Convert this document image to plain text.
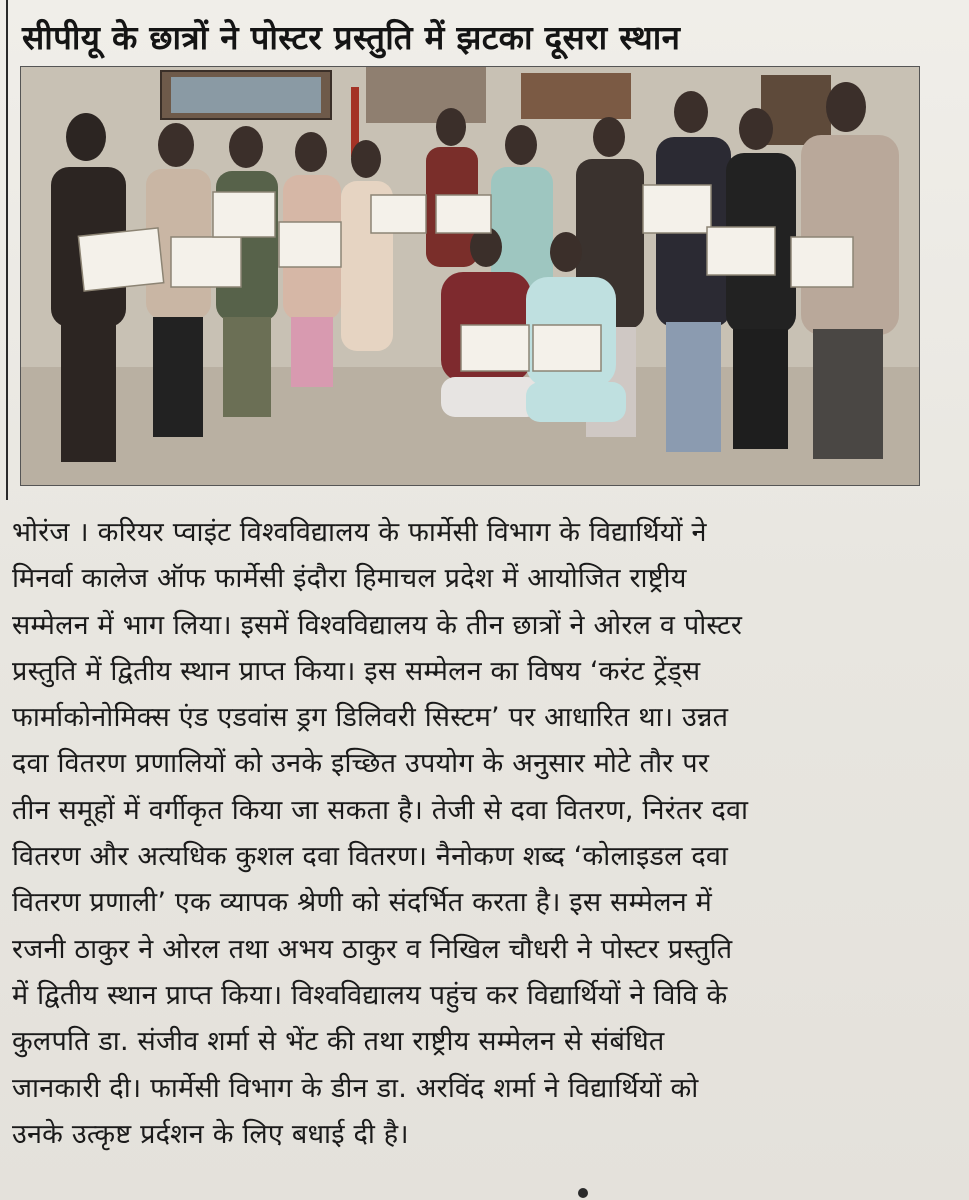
सीपीयू के छात्रों ने पोस्टर प्रस्तुति में झटका दूसरा स्थान

भोरंज । करियर प्वाइंट विश्वविद्यालय के फार्मेसी विभाग के विद्यार्थियों ने

मिनर्वा कालेज ऑफ फार्मेसी इंदौरा हिमाचल प्रदेश में आयोजित राष्ट्रीय

सम्मेलन में भाग लिया। इसमें विश्वविद्यालय के तीन छात्रों ने ओरल व पोस्टर

प्रस्तुति में द्वितीय स्थान प्राप्त किया। इस सम्मेलन का विषय ‘करंट ट्रेंड्स

फार्माकोनोमिक्स एंड एडवांस ड्रग डिलिवरी सिस्टम’ पर आधारित था। उन्नत

दवा वितरण प्रणालियों को उनके इच्छित उपयोग के अनुसार मोटे तौर पर

तीन समूहों में वर्गीकृत किया जा सकता है। तेजी से दवा वितरण, निरंतर दवा

वितरण और अत्यधिक कुशल दवा वितरण। नैनोकण शब्द ‘कोलाइडल दवा

वितरण प्रणाली’ एक व्यापक श्रेणी को संदर्भित करता है। इस सम्मेलन में

रजनी ठाकुर ने ओरल तथा अभय ठाकुर व निखिल चौधरी ने पोस्टर प्रस्तुति

में द्वितीय स्थान प्राप्त किया। विश्वविद्यालय पहुंच कर विद्यार्थियों ने विवि के

कुलपति डा. संजीव शर्मा से भेंट की तथा राष्ट्रीय सम्मेलन से संबंधित

जानकारी दी। फार्मेसी विभाग के डीन डा. अरविंद शर्मा ने विद्यार्थियों को

उनके उत्कृष्ट प्रर्दशन के लिए बधाई दी है।
